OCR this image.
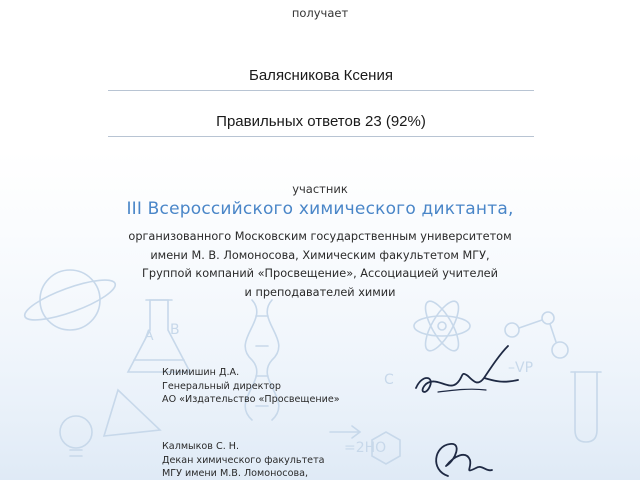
C
=2HO
–VP
A B
получает
Балясникова Ксения
Правильных ответов 23 (92%)
участник
III Всероссийского химического диктанта,
организованного Московским государственным университетом
имени М. В. Ломоносова, Химическим факультетом МГУ,
Группой компаний «Просвещение», Ассоциацией учителей
и преподавателей химии
Климишин Д.А.
Генеральный директор
АО «Издательство «Просвещение»
Калмыков С. Н.
Декан химического факультета
МГУ имени М.В. Ломоносова,
